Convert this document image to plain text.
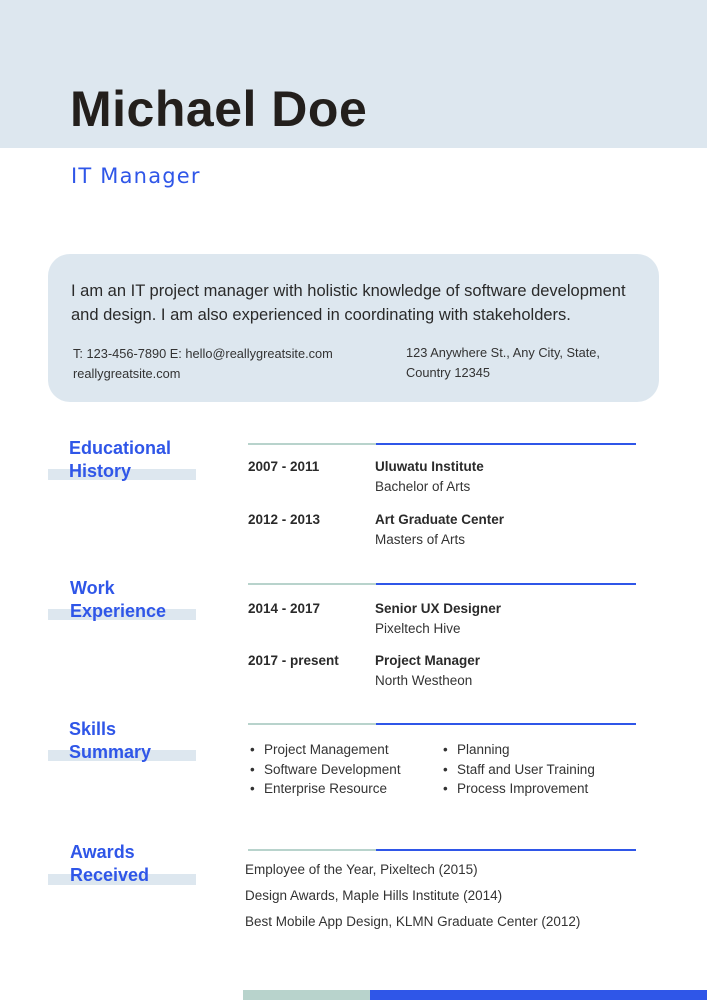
Michael Doe
IT Manager

I am an IT project manager with holistic knowledge of software development and design. I am also experienced in coordinating with stakeholders.

T: 123-456-7890 E: hello@reallygreatsite.com
reallygreatsite.com
123 Anywhere St., Any City, State,
Country 12345
Educational
History	2007 - 2011	Uluwatu Institute
Bachelor of Arts
2012 - 2013	Art Graduate Center
Masters of Arts
Work
Experience	2014 - 2017	Senior UX Designer
Pixeltech Hive
2017 - present	Project Manager
North Westheon
Skills
Summary
•	Project Management
• Software Development
• Enterprise Resource
• Planning
• Staff and User Training
• Process Improvement
Awards
Received	Employee of the Year, Pixeltech (2015)
Design Awards, Maple Hills Institute (2014)
Best Mobile App Design, KLMN Graduate Center (2012)
